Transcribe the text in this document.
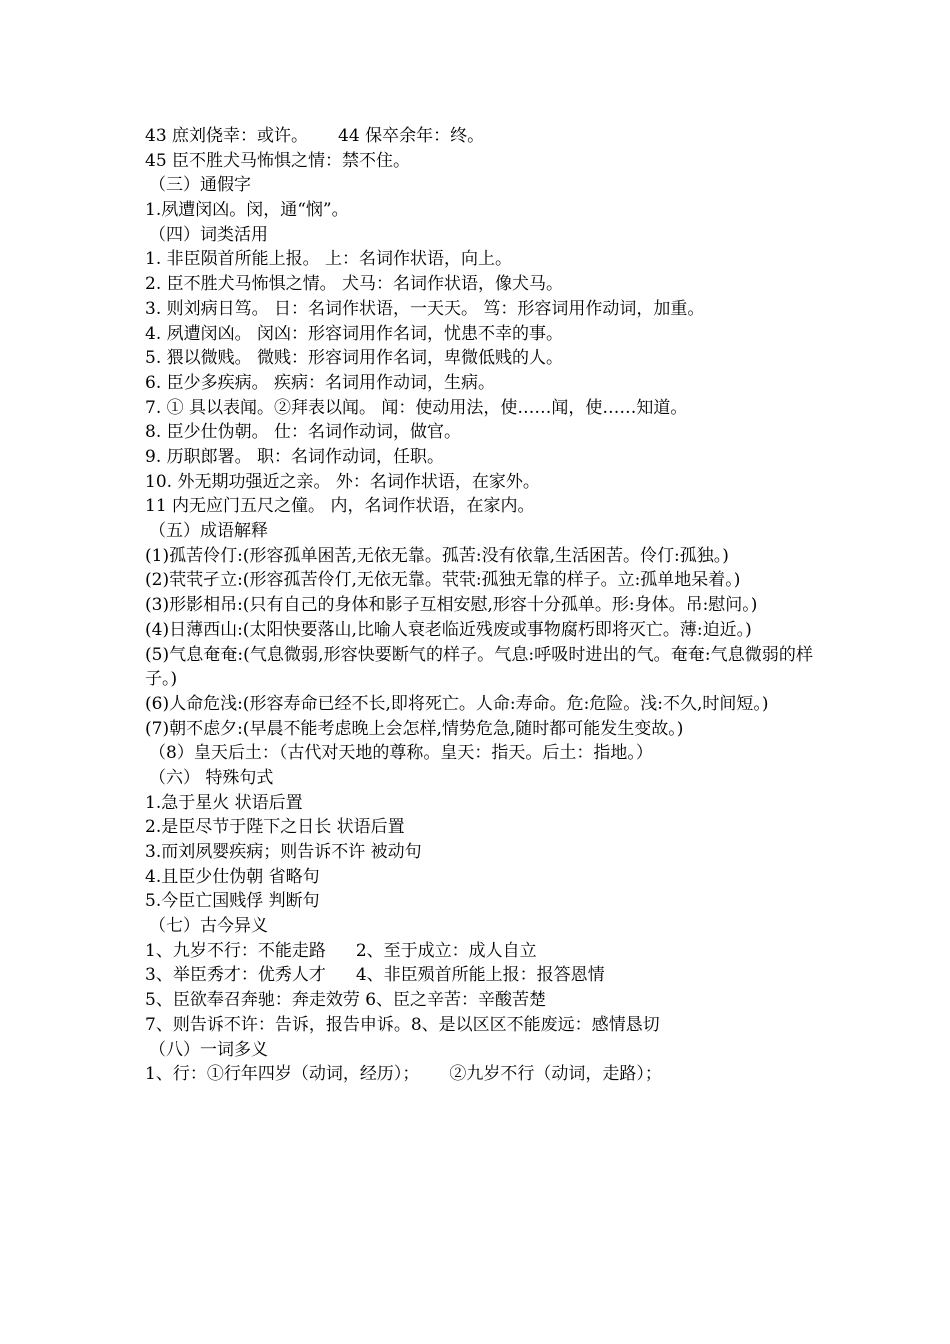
43 庶刘侥幸：或许。 44 保卒余年：终。
45 臣不胜犬马怖惧之情：禁不住。
（三）通假字
1.夙遭闵凶。闵，通“悯”。
（四）词类活用
1. 非臣陨首所能上报。 上：名词作状语，向上。
2. 臣不胜犬马怖惧之情。 犬马：名词作状语，像犬马。
3. 则刘病日笃。 日：名词作状语，一天天。 笃：形容词用作动词，加重。
4. 夙遭闵凶。 闵凶：形容词用作名词，忧患不幸的事。
5. 猥以微贱。 微贱：形容词用作名词，卑微低贱的人。
6. 臣少多疾病。 疾病：名词用作动词，生病。
7. ① 具以表闻。②拜表以闻。 闻：使动用法，使……闻，使……知道。
8. 臣少仕伪朝。 仕：名词作动词，做官。
9. 历职郎署。 职：名词作动词，任职。
10. 外无期功强近之亲。 外：名词作状语，在家外。
11 内无应门五尺之僮。 内，名词作状语，在家内。
（五）成语解释
(1)孤苦伶仃:(形容孤单困苦,无依无靠。孤苦:没有依靠,生活困苦。伶仃:孤独。)
(2)茕茕孑立:(形容孤苦伶仃,无依无靠。茕茕:孤独无靠的样子。立:孤单地呆着。)
(3)形影相吊:(只有自己的身体和影子互相安慰,形容十分孤单。形:身体。吊:慰问。)
(4)日薄西山:(太阳快要落山,比喻人衰老临近残废或事物腐朽即将灭亡。薄:迫近。)
(5)气息奄奄:(气息微弱,形容快要断气的样子。气息:呼吸时进出的气。奄奄:气息微弱的样子。)
(6)人命危浅:(形容寿命已经不长,即将死亡。人命:寿命。危:危险。浅:不久,时间短。)
(7)朝不虑夕:(早晨不能考虑晚上会怎样,情势危急,随时都可能发生变故。)
（8）皇天后土：（古代对天地的尊称。皇天：指天。后土：指地。）
（六） 特殊句式
1.急于星火 状语后置
2.是臣尽节于陛下之日长 状语后置
3.而刘夙婴疾病；则告诉不许 被动句
4.且臣少仕伪朝 省略句
5.今臣亡国贱俘 判断句
（七）古今异义
1、九岁不行：不能走路 2、至于成立：成人自立
3、举臣秀才：优秀人才 4、非臣殒首所能上报：报答恩情
5、臣欲奉召奔驰：奔走效劳 6、臣之辛苦：辛酸苦楚
7、则告诉不许：告诉，报告申诉。8、是以区区不能废远：感情恳切
（八）一词多义
1、行：①行年四岁（动词，经历）； ②九岁不行（动词，走路）；
